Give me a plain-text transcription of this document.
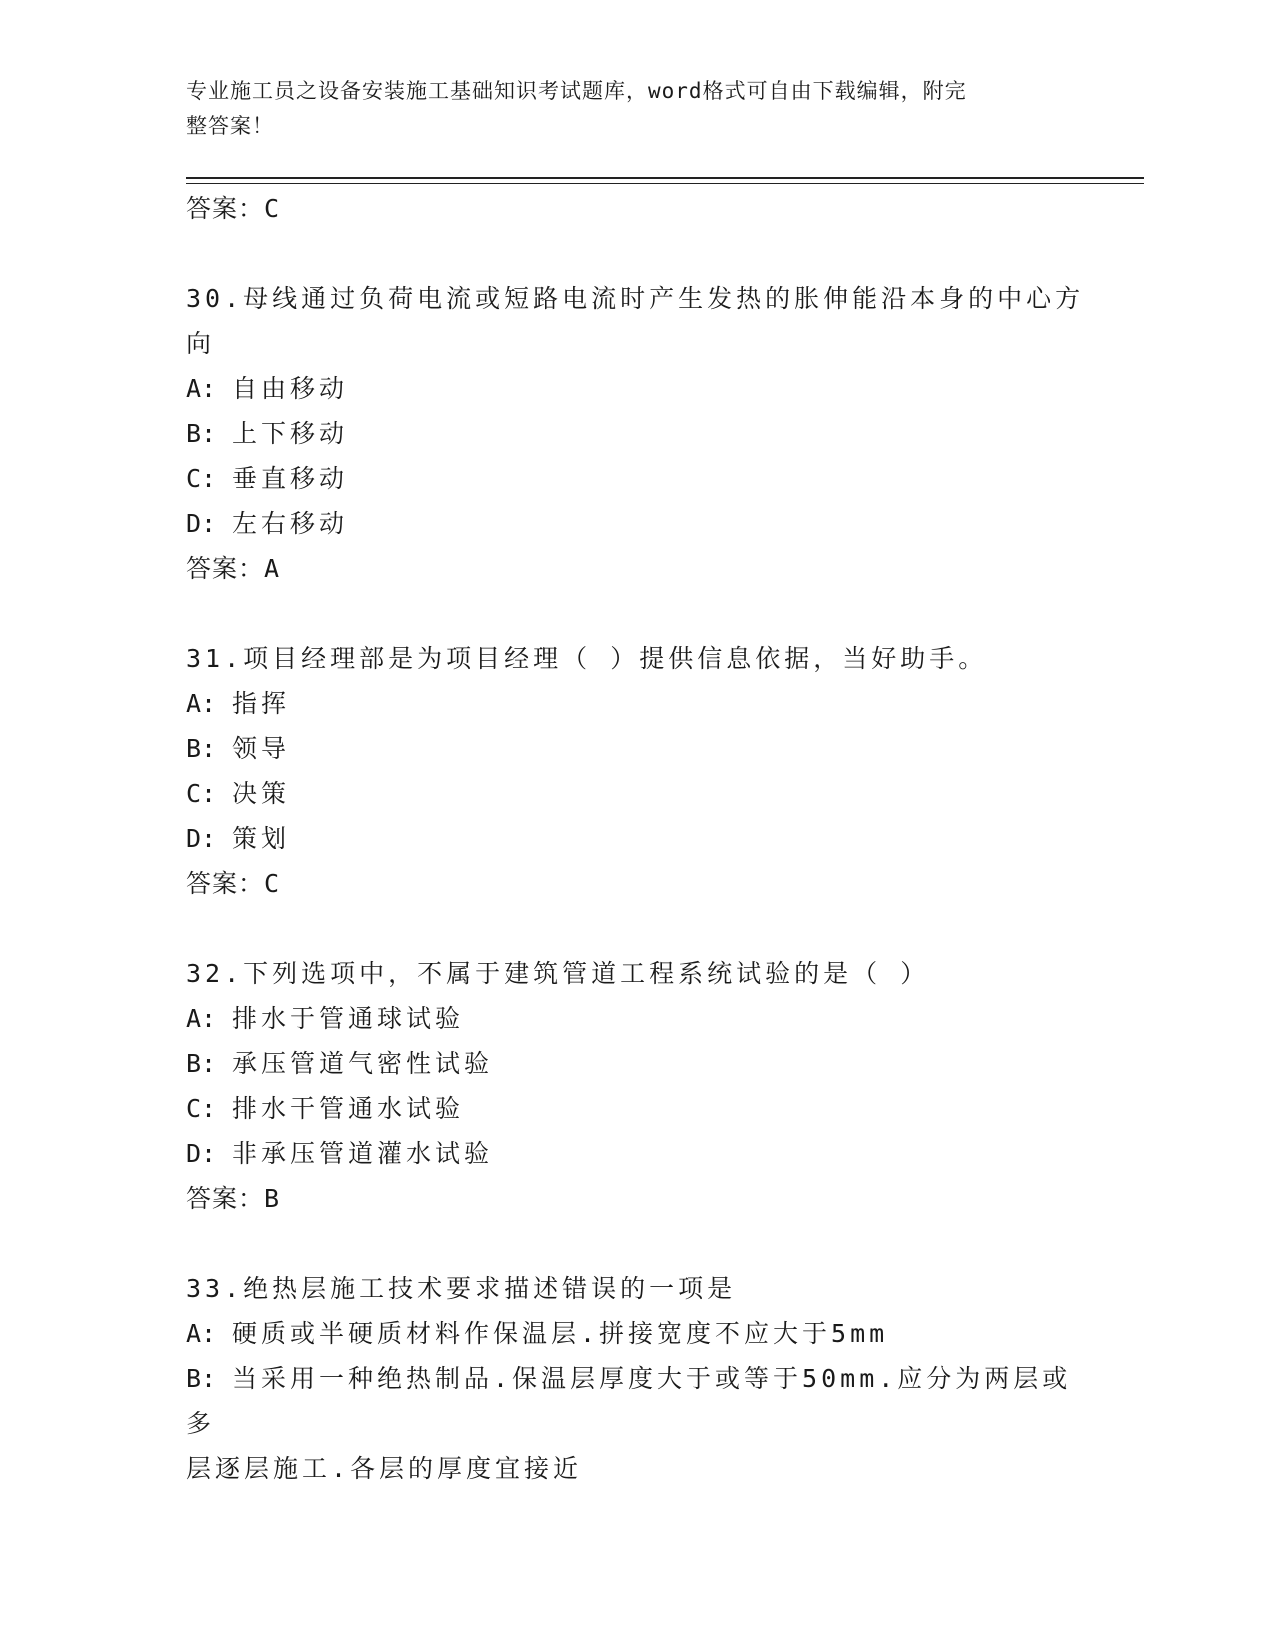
专业施工员之设备安装施工基础知识考试题库，word格式可自由下载编辑，附完
整答案！
答案：C
30.母线通过负荷电流或短路电流时产生发热的胀伸能沿本身的中心方
向
A: 自由移动
B: 上下移动
C: 垂直移动
D: 左右移动
答案：A
31.项目经理部是为项目经理（ ）提供信息依据，当好助手。
A: 指挥
B: 领导
C: 决策
D: 策划
答案：C
32.下列选项中，不属于建筑管道工程系统试验的是（ ）
A: 排水于管通球试验
B: 承压管道气密性试验
C: 排水干管通水试验
D: 非承压管道灌水试验
答案：B
33.绝热层施工技术要求描述错误的一项是
A: 硬质或半硬质材料作保温层.拼接宽度不应大于5mm
B: 当采用一种绝热制品.保温层厚度大于或等于50mm.应分为两层或多
层逐层施工.各层的厚度宜接近
